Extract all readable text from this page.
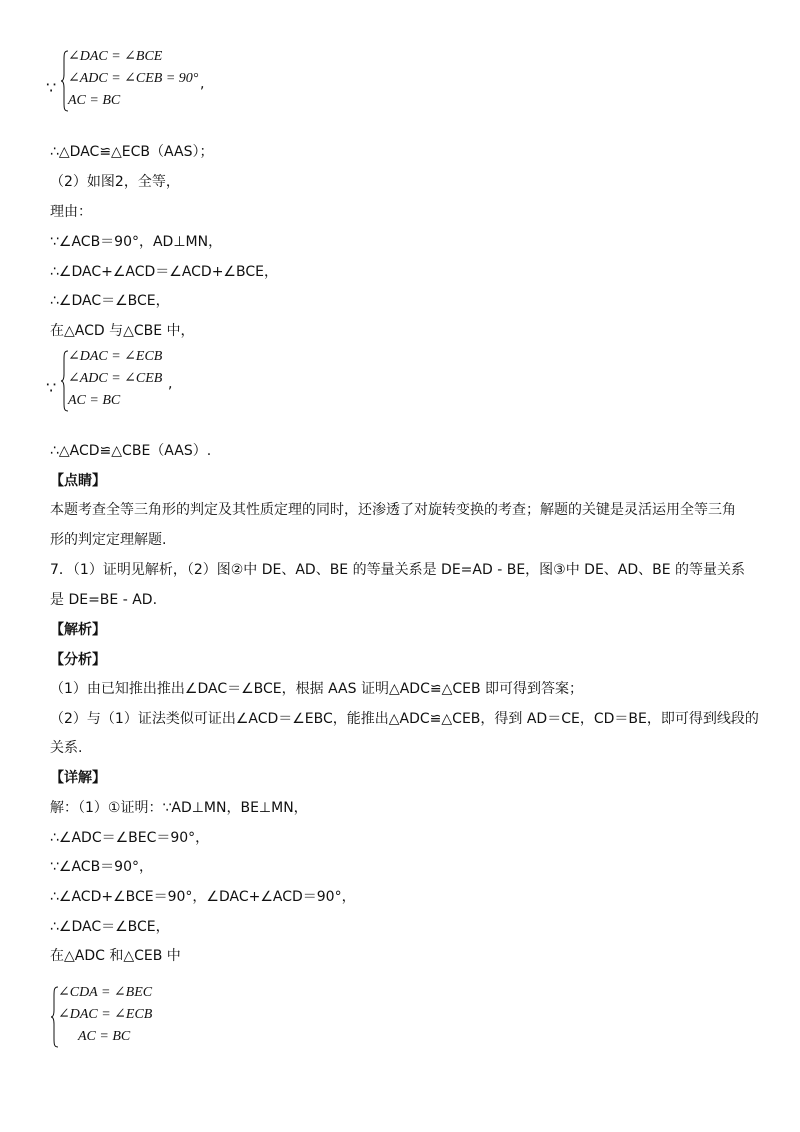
∵
∠DAC = ∠BCE
∠ADC = ∠CEB = 90°
AC = BC
,
∴△DAC≌△ECB（AAS）；
（2）如图2，全等，
理由：
∵∠ACB＝90°，AD⊥MN，
∴∠DAC+∠ACD＝∠ACD+∠BCE，
∴∠DAC＝∠BCE，
在△ACD 与△CBE 中，
∵
∠DAC = ∠ECB
∠ADC = ∠CEB
AC = BC
,
∴△ACD≌△CBE（AAS）.
【点睛】
本题考查全等三角形的判定及其性质定理的同时，还渗透了对旋转变换的考查；解题的关键是灵活运用全等三角
形的判定定理解题.
7．（1）证明见解析，（2）图②中 DE、AD、BE 的等量关系是 DE=AD - BE，图③中 DE、AD、BE 的等量关系
是 DE=BE - AD.
【解析】
【分析】
（1）由已知推出推出∠DAC＝∠BCE，根据 AAS 证明△ADC≌△CEB 即可得到答案；
（2）与（1）证法类似可证出∠ACD＝∠EBC，能推出△ADC≌△CEB，得到 AD＝CE，CD＝BE，即可得到线段的
关系.
【详解】
解：（1）①证明：∵AD⊥MN，BE⊥MN，
∴∠ADC＝∠BEC＝90°，
∵∠ACB＝90°，
∴∠ACD+∠BCE＝90°，∠DAC+∠ACD＝90°，
∴∠DAC＝∠BCE，
在△ADC 和△CEB 中
∠CDA = ∠BEC
∠DAC = ∠ECB
AC = BC
